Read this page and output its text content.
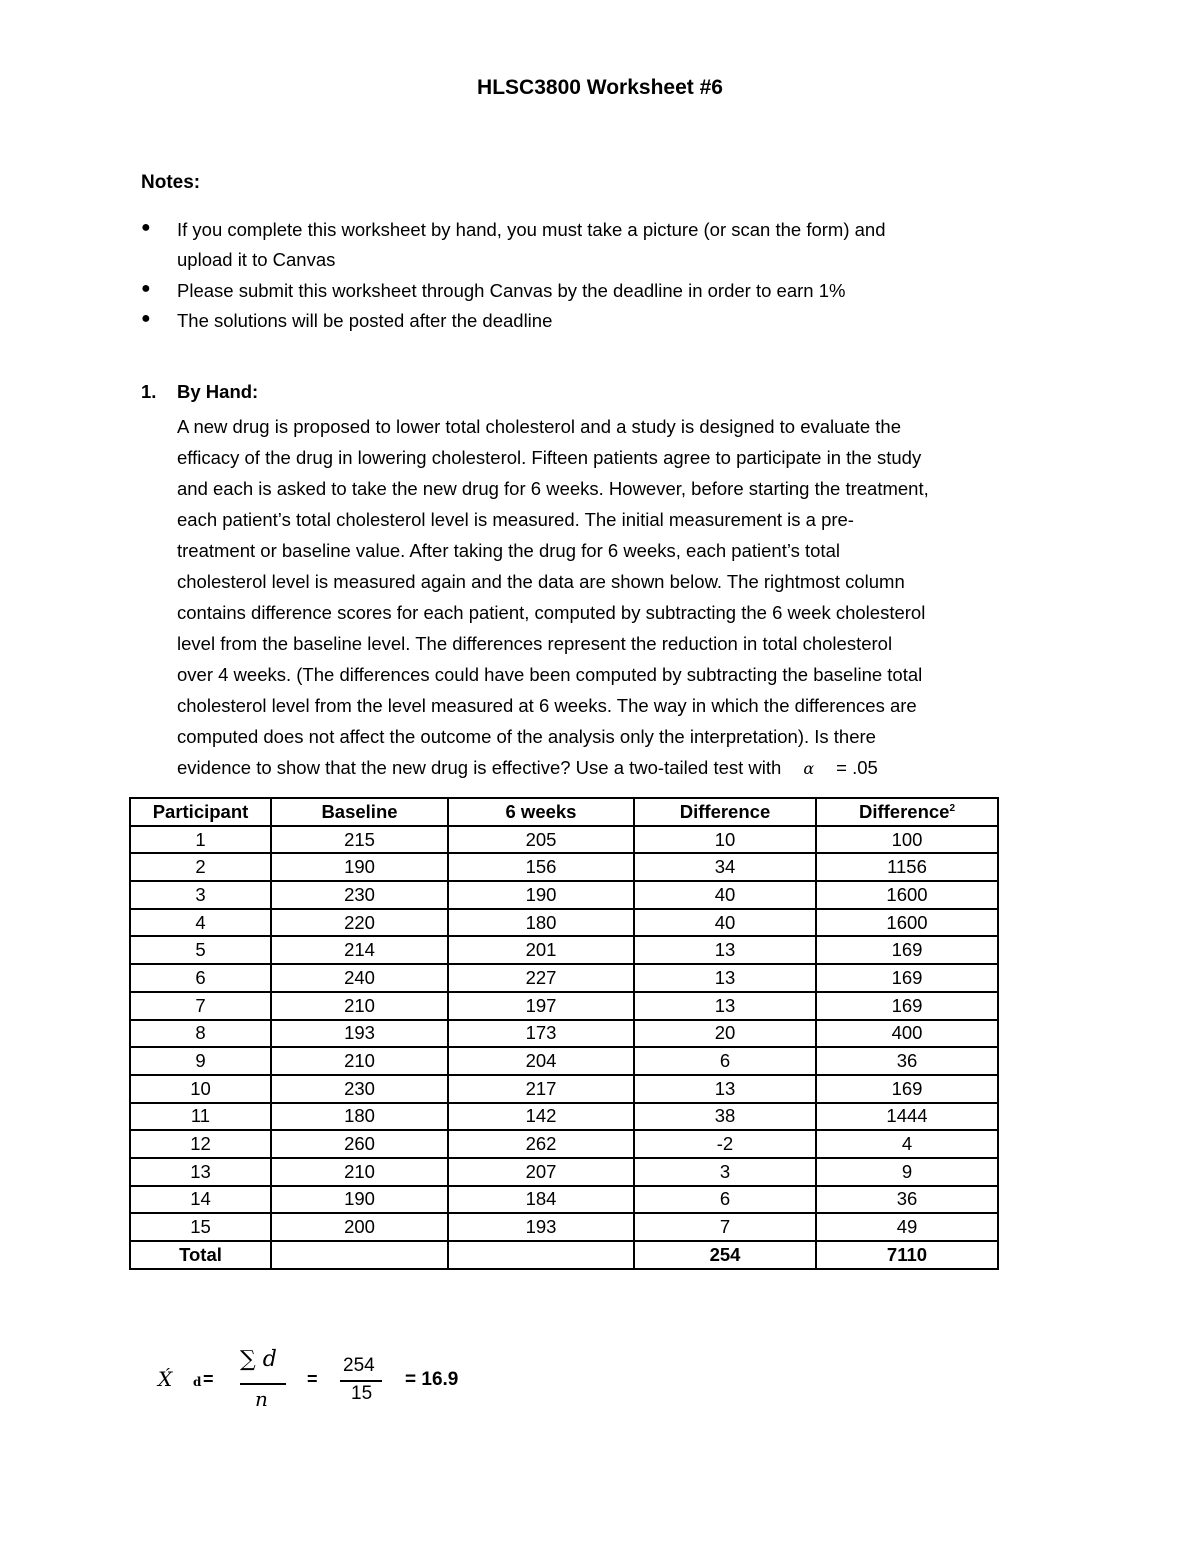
HLSC3800 Worksheet #6
Notes:
● If you complete this worksheet by hand, you must take a picture (or scan the form) and
upload it to Canvas
● Please submit this worksheet through Canvas by the deadline in order to earn 1%
● The solutions will be posted after the deadline
1. By Hand:
A new drug is proposed to lower total cholesterol and a study is designed to evaluate the
efficacy of the drug in lowering cholesterol. Fifteen patients agree to participate in the study
and each is asked to take the new drug for 6 weeks. However, before starting the treatment,
each patient’s total cholesterol level is measured. The initial measurement is a pre-
treatment or baseline value. After taking the drug for 6 weeks, each patient’s total
cholesterol level is measured again and the data are shown below. The rightmost column
contains difference scores for each patient, computed by subtracting the 6 week cholesterol
level from the baseline level. The differences represent the reduction in total cholesterol
over 4 weeks. (The differences could have been computed by subtracting the baseline total
cholesterol level from the level measured at 6 weeks. The way in which the differences are
computed does not affect the outcome of the analysis only the interpretation). Is there
evidence to show that the new drug is effective? Use a two-tailed test with α = .05
Participant	Baseline	6 weeks	Difference	Difference$^2$
1	215	205	10	100
2	190	156	34	1156
3	230	190	40	1600
4	220	180	40	1600
5	214	201	13	169
6	240	227	13	169
7	210	197	13	169
8	193	173	20	400
9	210	204	6	36
10	230	217	13	169
11	180	142	38	1444
12	260	262	-2	4
13	210	207	3	9
14	190	184	6	36
15	200	193	7	49
Total			254	7110
X́ d =
∑ d
n
=
254
15
= 16.9
